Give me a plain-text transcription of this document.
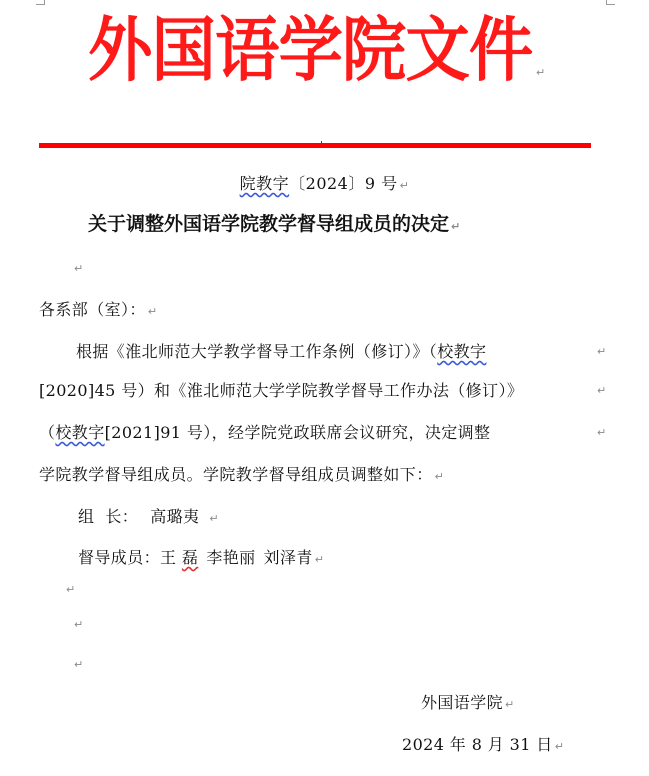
外国语学院文件 ↵
院教字〔2024〕9 号 ↵
关于调整外国语学院教学督导组成员的决定 ↵
↵
各系部（室）： ↵
根据《淮北师范大学教学督导工作条例（修订）》（校教字	↵
[2020]45 号）和《淮北师范大学学院教学督导工作办法（修订）》	↵
（校教字[2021]91 号），经学院党政联席会议研究，决定调整	↵
学院教学督导组成员。学院教学督导组成员调整如下： ↵
组  长： 高璐夷 ↵
督导成员：王 磊 李艳丽 刘泽青 ↵
↵
↵
↵
外国语学院 ↵
2024 年 8 月 31 日 ↵
